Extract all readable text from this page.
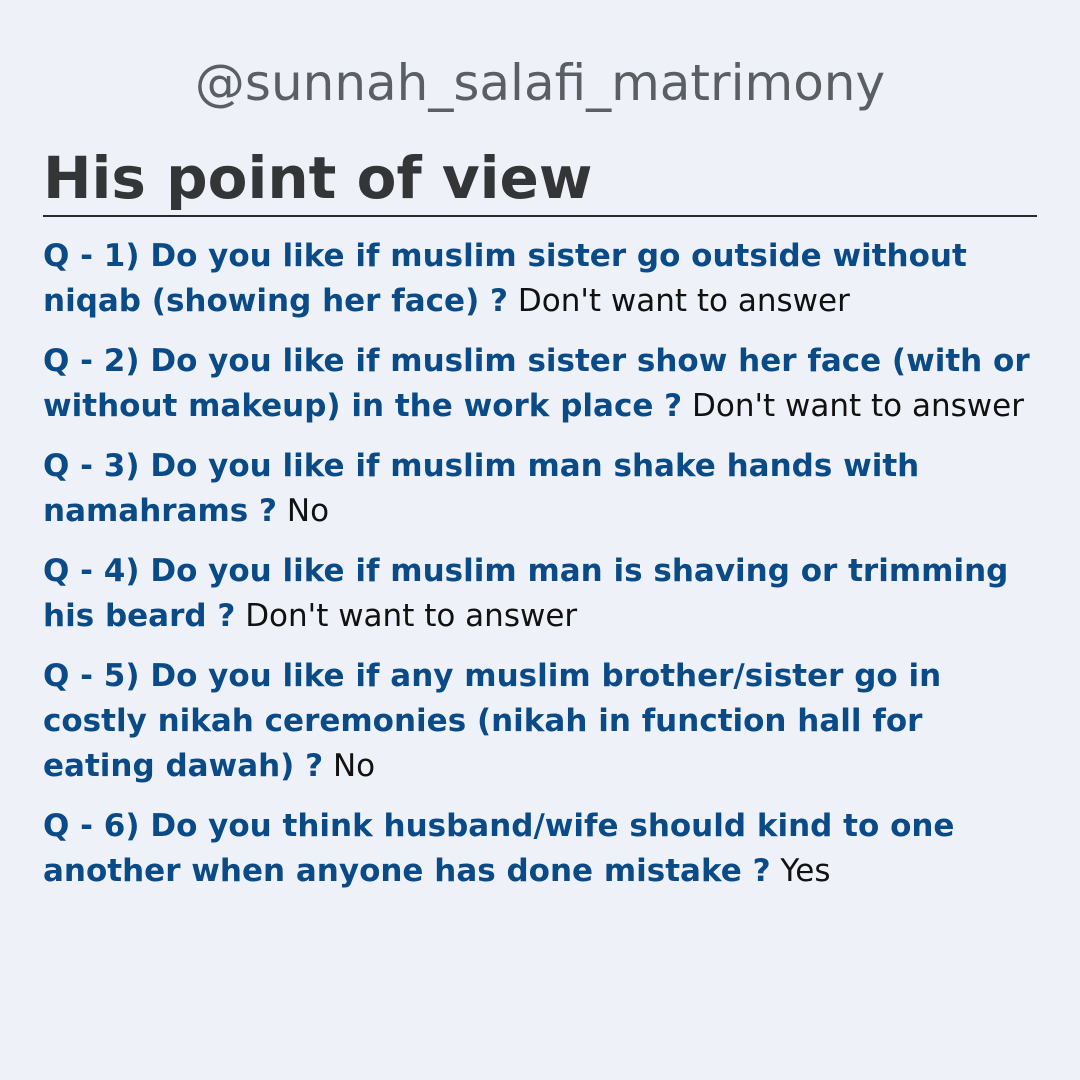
@sunnah_salafi_matrimony
His point of view
Q - 1) Do you like if muslim sister go outside without niqab (showing her face) ? Don't want to answer
Q - 2) Do you like if muslim sister show her face (with or without makeup) in the work place ? Don't want to answer
Q - 3) Do you like if muslim man shake hands with namahrams ? No
Q - 4) Do you like if muslim man is shaving or trimming his beard ? Don't want to answer
Q - 5) Do you like if any muslim brother/sister go in costly nikah ceremonies (nikah in function hall for eating dawah) ? No
Q - 6) Do you think husband/wife should kind to one another when anyone has done mistake ? Yes
